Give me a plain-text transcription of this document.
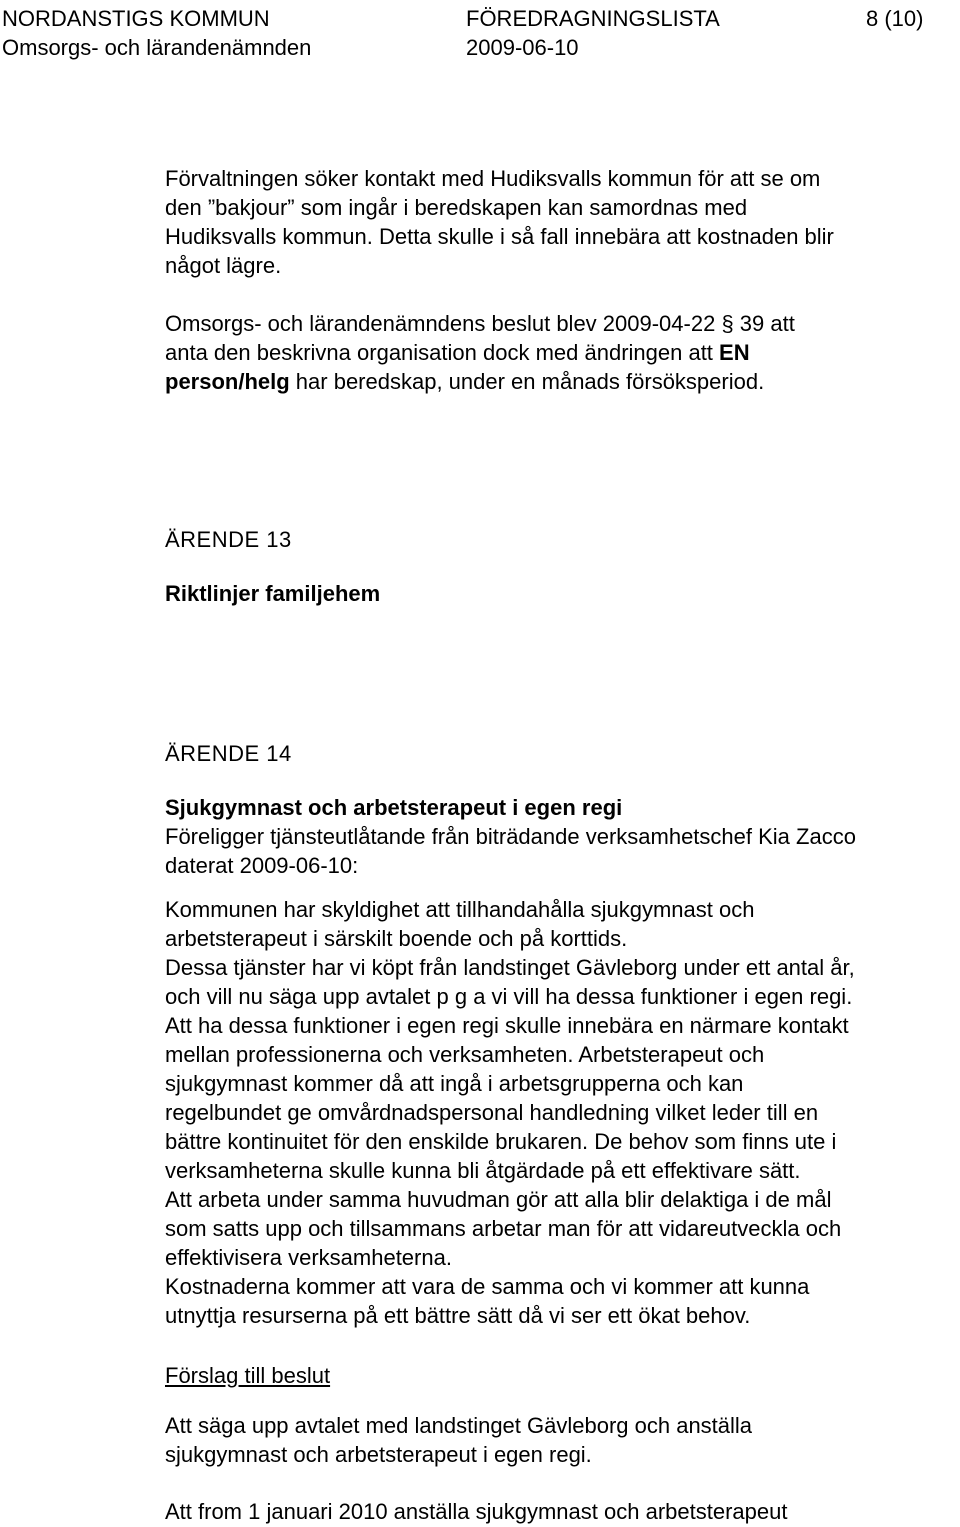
NORDANSTIGS KOMMUN
Omsorgs- och lärandenämnden
FÖREDRAGNINGSLISTA
2009-06-10
8 (10)
Förvaltningen söker kontakt med Hudiksvalls kommun för att se om
den ”bakjour” som ingår i beredskapen kan samordnas med
Hudiksvalls kommun. Detta skulle i så fall innebära att kostnaden blir
något lägre.
Omsorgs- och lärandenämndens beslut blev 2009-04-22 § 39 att
anta den beskrivna organisation dock med ändringen att EN
person/helg har beredskap, under en månads försöksperiod.
ÄRENDE 13
Riktlinjer familjehem
ÄRENDE 14
Sjukgymnast och arbetsterapeut i egen regi
Föreligger tjänsteutlåtande från biträdande verksamhetschef Kia Zacco
daterat 2009-06-10:
Kommunen har skyldighet att tillhandahålla sjukgymnast och
arbetsterapeut i särskilt boende och på korttids.
Dessa tjänster har vi köpt från landstinget Gävleborg under ett antal år,
och vill nu säga upp avtalet p g a vi vill ha dessa funktioner i egen regi.
Att ha dessa funktioner i egen regi skulle innebära en närmare kontakt
mellan professionerna och verksamheten. Arbetsterapeut och
sjukgymnast kommer då att ingå i arbetsgrupperna och kan
regelbundet ge omvårdnadspersonal handledning vilket leder till en
bättre kontinuitet för den enskilde brukaren. De behov som finns ute i
verksamheterna skulle kunna bli åtgärdade på ett effektivare sätt.
Att arbeta under samma huvudman gör att alla blir delaktiga i de mål
som satts upp och tillsammans arbetar man för att vidareutveckla och
effektivisera verksamheterna.
Kostnaderna kommer att vara de samma och vi kommer att kunna
utnyttja resurserna på ett bättre sätt då vi ser ett ökat behov.
Förslag till beslut
Att säga upp avtalet med landstinget Gävleborg och anställa
sjukgymnast och arbetsterapeut i egen regi.
Att from 1 januari 2010 anställa sjukgymnast och arbetsterapeut
